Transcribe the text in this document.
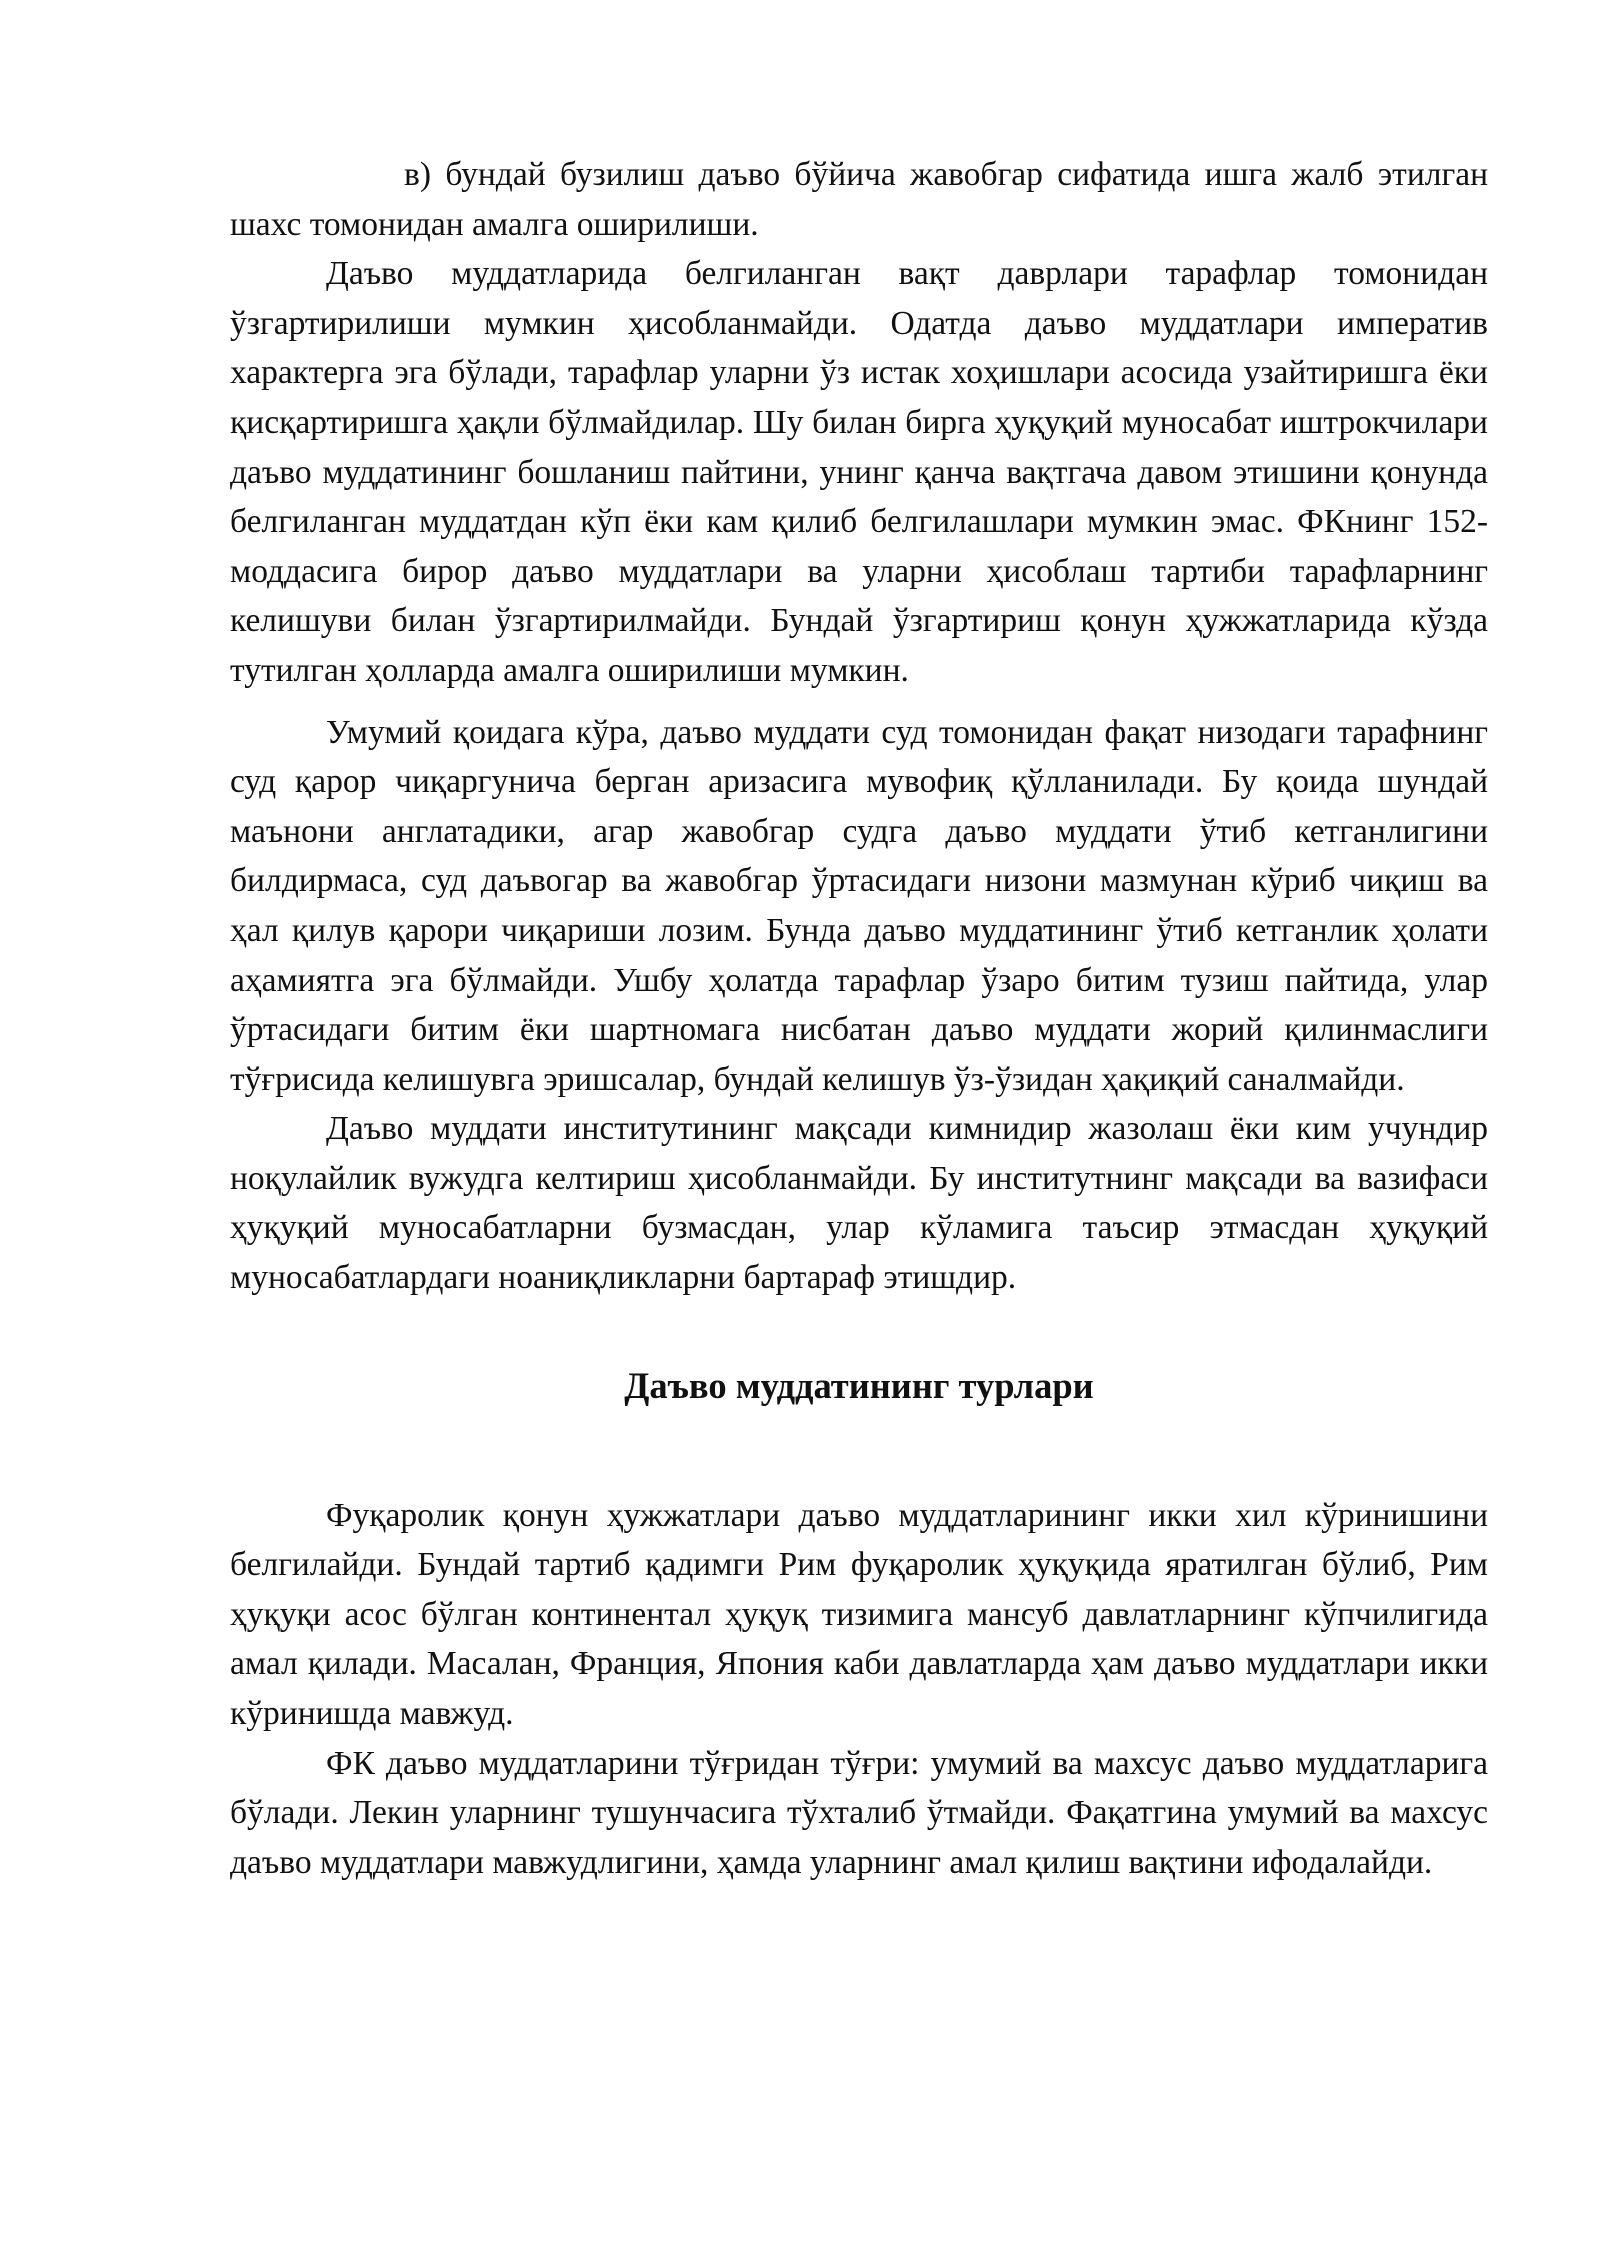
в) бундай бузилиш даъво бўйича жавобгар сифатида ишга жалб этилган шахс томонидан амалга оширилиши.

Даъво муддатларида белгиланган вақт даврлари тарафлар томонидан ўзгартирилиши мумкин ҳисобланмайди. Одатда даъво муддатлари императив характерга эга бўлади, тарафлар уларни ўз истак хоҳишлари асосида узайтиришга ёки қисқартиришга ҳақли бўлмайдилар. Шу билан бирга ҳуқуқий муносабат иштрокчилари даъво муддатининг бошланиш пайтини, унинг қанча вақтгача давом этишини қонунда белгиланган муддатдан кўп ёки кам қилиб белгилашлари мумкин эмас. ФКнинг 152-моддасига бирор даъво муддатлари ва уларни ҳисоблаш тартиби тарафларнинг келишуви билан ўзгартирилмайди. Бундай ўзгартириш қонун ҳужжатларида кўзда тутилган ҳолларда амалга оширилиши мумкин.

Умумий қоидага кўра, даъво муддати суд томонидан фақат низодаги тарафнинг суд қарор чиқаргунича берган аризасига мувофиқ қўлланилади. Бу қоида шундай маънони англатадики, агар жавобгар судга даъво муддати ўтиб кетганлигини билдирмаса, суд даъвогар ва жавобгар ўртасидаги низони мазмунан кўриб чиқиш ва ҳал қилув қарори чиқариши лозим. Бунда даъво муддатининг ўтиб кетганлик ҳолати аҳамиятга эга бўлмайди. Ушбу ҳолатда тарафлар ўзаро битим тузиш пайтида, улар ўртасидаги битим ёки шартномага нисбатан даъво муддати жорий қилинмаслиги тўғрисида келишувга эришсалар, бундай келишув ўз-ўзидан ҳақиқий саналмайди.

Даъво муддати институтининг мақсади кимнидир жазолаш ёки ким учундир ноқулайлик вужудга келтириш ҳисобланмайди. Бу институтнинг мақсади ва вазифаси ҳуқуқий муносабатларни бузмасдан, улар кўламига таъсир этмасдан ҳуқуқий муносабатлардаги ноаниқликларни бартараф этишдир.

Даъво муддатининг турлари

Фуқаролик қонун ҳужжатлари даъво муддатларининг икки хил кўринишини белгилайди. Бундай тартиб қадимги Рим фуқаролик ҳуқуқида яратилган бўлиб, Рим ҳуқуқи асос бўлган континентал ҳуқуқ тизимига мансуб давлатларнинг кўпчилигида амал қилади. Масалан, Франция, Япония каби давлатларда ҳам даъво муддатлари икки кўринишда мавжуд.

ФК даъво муддатларини тўғридан тўғри: умумий ва махсус даъво муддатларига бўлади. Лекин уларнинг тушунчасига тўхталиб ўтмайди. Фақатгина умумий ва махсус даъво муддатлари мавжудлигини, ҳамда уларнинг амал қилиш вақтини ифодалайди.
